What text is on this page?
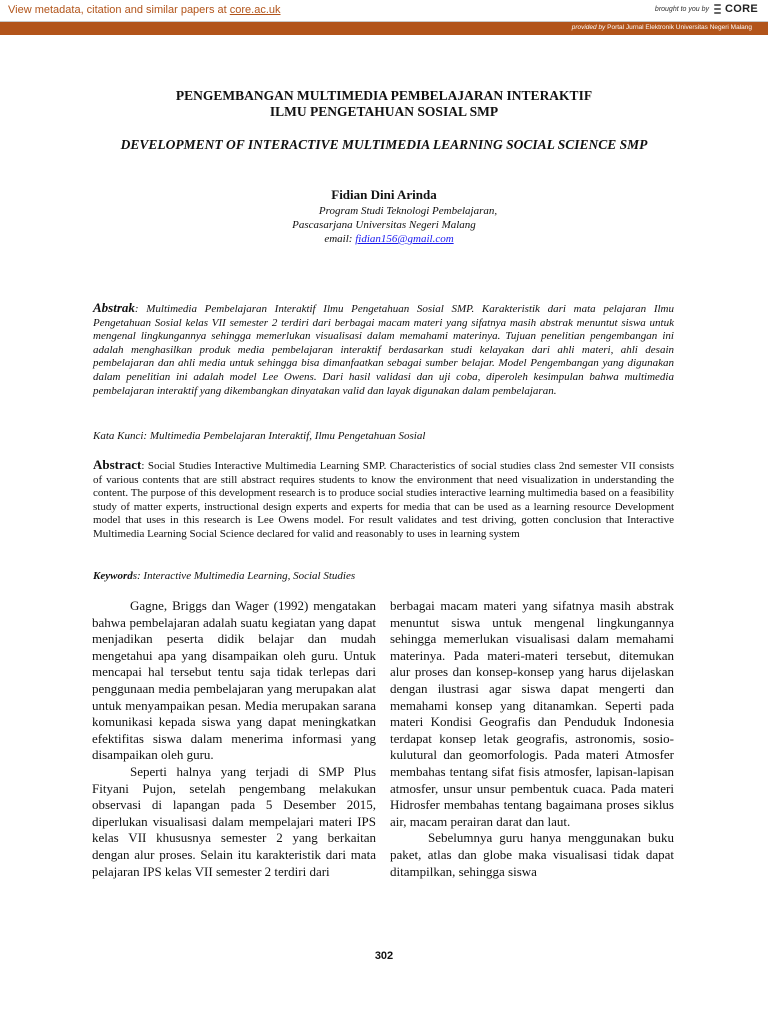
View metadata, citation and similar papers at core.ac.uk	brought to you by CORE
provided by Portal Jurnal Elektronik Universitas Negeri Malang
PENGEMBANGAN MULTIMEDIA PEMBELAJARAN INTERAKTIF
ILMU PENGETAHUAN SOSIAL SMP
DEVELOPMENT OF INTERACTIVE MULTIMEDIA LEARNING SOCIAL SCIENCE SMP
Fidian Dini Arinda
Program Studi Teknologi Pembelajaran,
Pascasarjana Universitas Negeri Malang
email: fidian156@gmail.com
Abstrak: Multimedia Pembelajaran Interaktif Ilmu Pengetahuan Sosial SMP. Karakteristik dari mata pelajaran Ilmu Pengetahuan Sosial kelas VII semester 2 terdiri dari berbagai macam materi yang sifatnya masih abstrak menuntut siswa untuk mengenal lingkungannya sehingga memerlukan visualisasi dalam memahami materinya. Tujuan penelitian pengembangan ini adalah menghasilkan produk media pembelajaran interaktif berdasarkan studi kelayakan dari ahli materi, ahli desain pembelajaran dan ahli media untuk sehingga bisa dimanfaatkan sebagai sumber belajar. Model Pengembangan yang digunakan dalam penelitian ini adalah model Lee Owens. Dari hasil validasi dan uji coba, diperoleh kesimpulan bahwa multimedia pembelajaran interaktif yang dikembangkan dinyatakan valid dan layak digunakan dalam pembelajaran.
Kata Kunci: Multimedia Pembelajaran Interaktif, Ilmu Pengetahuan Sosial
Abstract: Social Studies Interactive Multimedia Learning SMP. Characteristics of social studies class 2nd semester VII consists of various contents that are still abstract requires students to know the environment that need visualization in understanding the content. The purpose of this development research is to produce social studies interactive learning multimedia based on a feasibility study of matter experts, instructional design experts and experts for media that can be used as a learning resource Development model that uses in this research is Lee Owens model. For result validates and test driving, gotten conclusion that Interactive Multimedia Learning Social Science declared for valid and reasonably to uses in learning system
Keywords: Interactive Multimedia Learning, Social Studies

Gagne, Briggs dan Wager (1992) mengatakan bahwa pembelajaran adalah suatu kegiatan yang dapat menjadikan peserta didik belajar dan mudah mengetahui apa yang disampaikan oleh guru. Untuk mencapai hal tersebut tentu saja tidak terlepas dari penggunaan media pembelajaran yang merupakan alat untuk menyampaikan pesan. Media merupakan sarana komunikasi kepada siswa yang dapat meningkatkan efektifitas siswa dalam menerima informasi yang disampaikan oleh guru.

Seperti halnya yang terjadi di SMP Plus Fityani Pujon, setelah pengembang melakukan observasi di lapangan pada 5 Desember 2015, diperlukan visualisasi dalam mempelajari materi IPS kelas VII khususnya semester 2 yang berkaitan dengan alur proses. Selain itu karakteristik dari mata pelajaran IPS kelas VII semester 2 terdiri dari

berbagai macam materi yang sifatnya masih abstrak menuntut siswa untuk mengenal lingkungannya sehingga memerlukan visualisasi dalam memahami materinya. Pada materi-materi tersebut, ditemukan alur proses dan konsep-konsep yang harus dijelaskan dengan ilustrasi agar siswa dapat mengerti dan memahami konsep yang ditanamkan. Seperti pada materi Kondisi Geografis dan Penduduk Indonesia terdapat konsep letak geografis, astronomis, sosio-kulutural dan geomorfologis. Pada materi Atmosfer membahas tentang sifat fisis atmosfer, lapisan-lapisan atmosfer, unsur unsur pembentuk cuaca. Pada materi Hidrosfer membahas tentang bagaimana proses siklus air, macam perairan darat dan laut.

Sebelumnya guru hanya menggunakan buku paket, atlas dan globe maka visualisasi tidak dapat ditampilkan, sehingga siswa

302
